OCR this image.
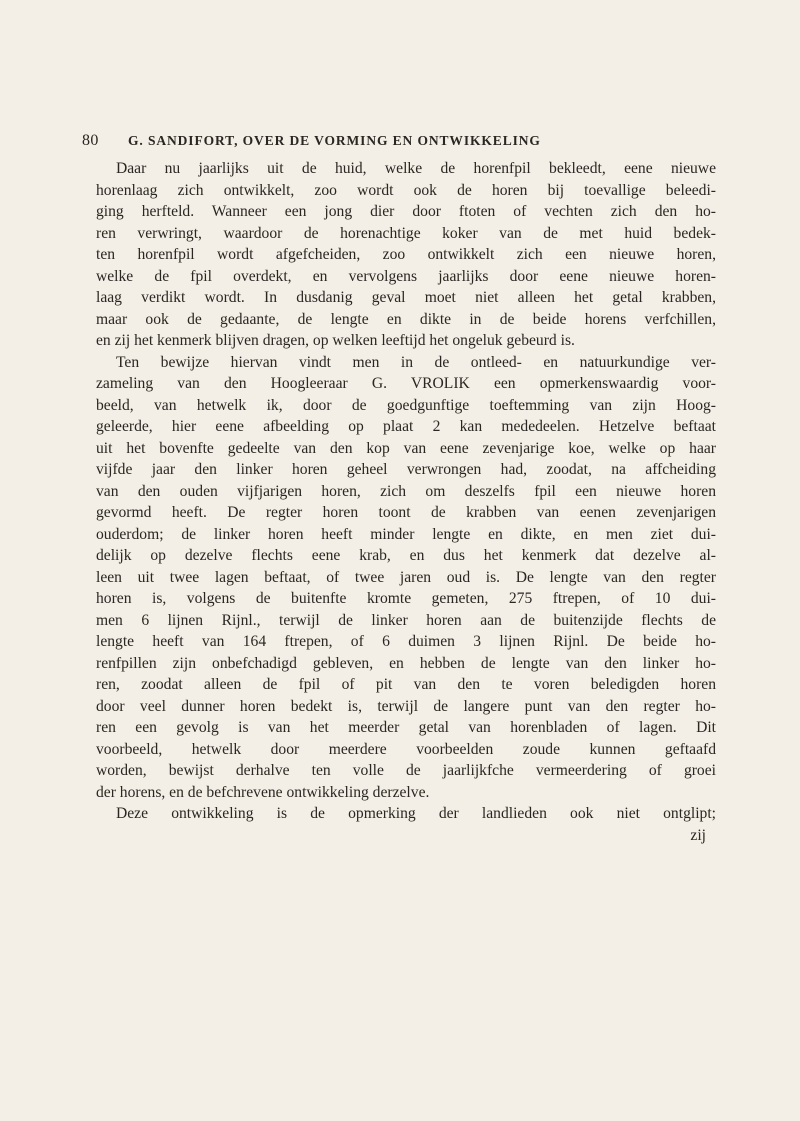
80 G. SANDIFORT, OVER DE VORMING EN ONTWIKKELING
Daar nu jaarlijks uit de huid, welke de horenfpil bekleedt, eene nieuwe
horenlaag zich ontwikkelt, zoo wordt ook de horen bij toevallige beleedi-
ging herfteld. Wanneer een jong dier door ftoten of vechten zich den ho-
ren verwringt, waardoor de horenachtige koker van de met huid bedek-
ten horenfpil wordt afgefcheiden, zoo ontwikkelt zich een nieuwe horen,
welke de fpil overdekt, en vervolgens jaarlijks door eene nieuwe horen-
laag verdikt wordt. In dusdanig geval moet niet alleen het getal krabben,
maar ook de gedaante, de lengte en dikte in de beide horens verfchillen,
en zij het kenmerk blijven dragen, op welken leeftijd het ongeluk gebeurd is.
Ten bewijze hiervan vindt men in de ontleed- en natuurkundige ver-
zameling van den Hoogleeraar G. VROLIK een opmerkenswaardig voor-
beeld, van hetwelk ik, door de goedgunftige toeftemming van zijn Hoog-
geleerde, hier eene afbeelding op plaat 2 kan mededeelen. Hetzelve beftaat
uit het bovenfte gedeelte van den kop van eene zevenjarige koe, welke op haar
vijfde jaar den linker horen geheel verwrongen had, zoodat, na affcheiding
van den ouden vijfjarigen horen, zich om deszelfs fpil een nieuwe horen
gevormd heeft. De regter horen toont de krabben van eenen zevenjarigen
ouderdom; de linker horen heeft minder lengte en dikte, en men ziet dui-
delijk op dezelve flechts eene krab, en dus het kenmerk dat dezelve al-
leen uit twee lagen beftaat, of twee jaren oud is. De lengte van den regter
horen is, volgens de buitenfte kromte gemeten, 275 ftrepen, of 10 dui-
men 6 lijnen Rijnl., terwijl de linker horen aan de buitenzijde flechts de
lengte heeft van 164 ftrepen, of 6 duimen 3 lijnen Rijnl. De beide ho-
renfpillen zijn onbefchadigd gebleven, en hebben de lengte van den linker ho-
ren, zoodat alleen de fpil of pit van den te voren beledigden horen
door veel dunner horen bedekt is, terwijl de langere punt van den regter ho-
ren een gevolg is van het meerder getal van horenbladen of lagen. Dit
voorbeeld, hetwelk door meerdere voorbeelden zoude kunnen geftaafd
worden, bewijst derhalve ten volle de jaarlijkfche vermeerdering of groei
der horens, en de befchrevene ontwikkeling derzelve.
Deze ontwikkeling is de opmerking der landlieden ook niet ontglipt;
zij
